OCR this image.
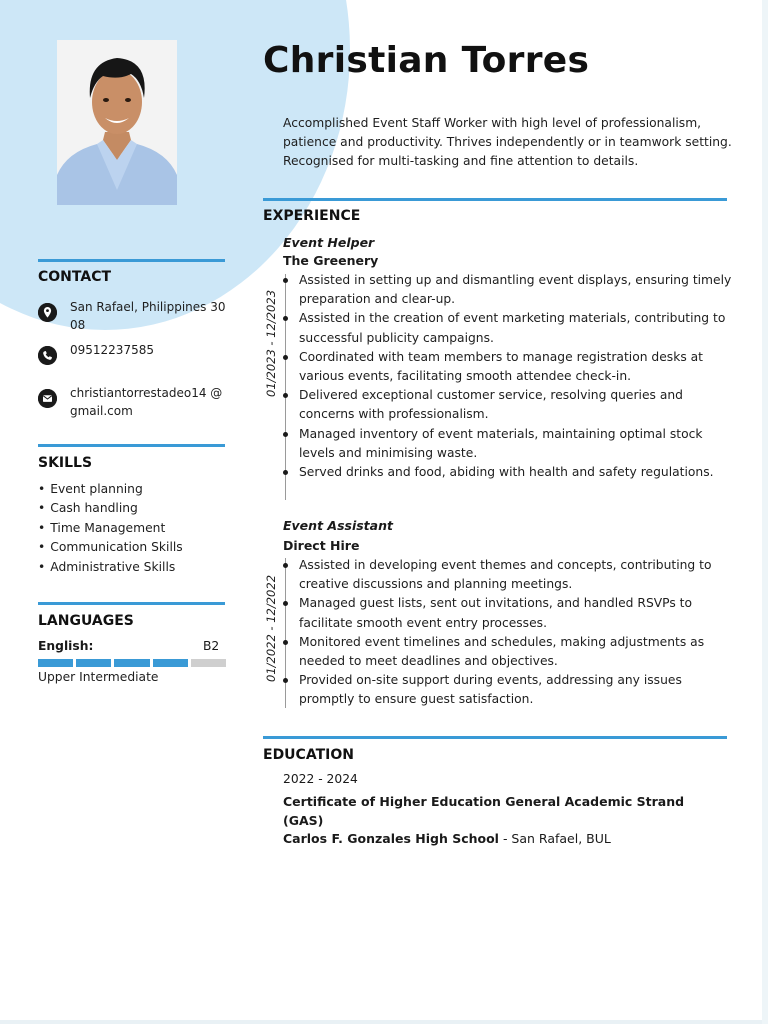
Christian Torres
Accomplished Event Staff Worker with high level of professionalism, patience and productivity. Thrives independently or in teamwork setting. Recognised for multi-tasking and fine attention to details.
CONTACT
San Rafael, Philippines 3008
09512237585
christiantorrestadeo14 @gmail.com
SKILLS
• Event planning
• Cash handling
• Time Management
• Communication Skills
• Administrative Skills
LANGUAGES
English:	B2
Upper Intermediate
EXPERIENCE
Event Helper
The Greenery
01/2023 - 12/2023
Assisted in setting up and dismantling event displays, ensuring timely preparation and clear-up.
Assisted in the creation of event marketing materials, contributing to successful publicity campaigns.
Coordinated with team members to manage registration desks at various events, facilitating smooth attendee check-in.
Delivered exceptional customer service, resolving queries and concerns with professionalism.
Managed inventory of event materials, maintaining optimal stock levels and minimising waste.
Served drinks and food, abiding with health and safety regulations.
Event Assistant
Direct Hire
01/2022 - 12/2022
Assisted in developing event themes and concepts, contributing to creative discussions and planning meetings.
Managed guest lists, sent out invitations, and handled RSVPs to facilitate smooth event entry processes.
Monitored event timelines and schedules, making adjustments as needed to meet deadlines and objectives.
Provided on-site support during events, addressing any issues promptly to ensure guest satisfaction.
EDUCATION
2022 - 2024
Certificate of Higher Education General Academic Strand (GAS)
Carlos F. Gonzales High School - San Rafael, BUL
